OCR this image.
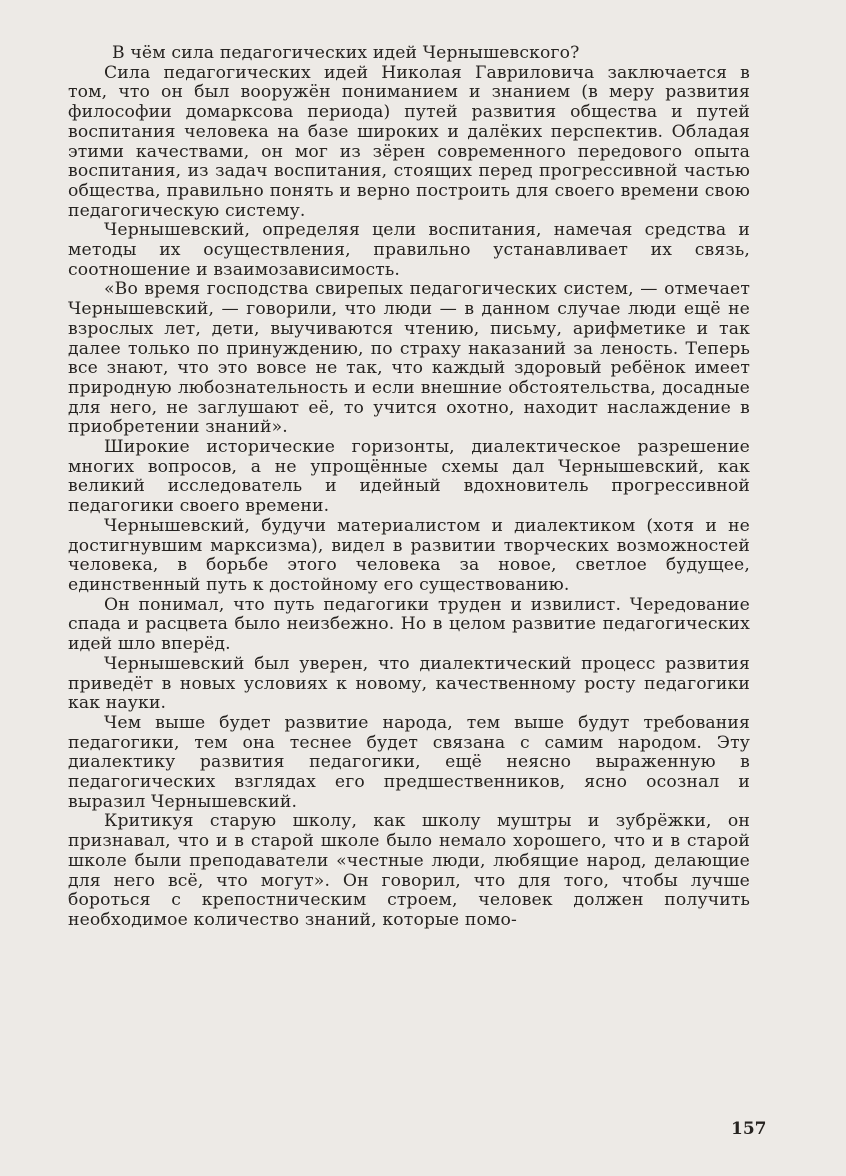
В чём сила педагогических идей Чернышевского?

Сила педагогических идей Николая Гавриловича заключается в том, что он был вооружён пониманием и знанием (в меру развития философии домарксова периода) путей развития общества и путей воспитания человека на базе широких и далёких перспектив. Обладая этими качествами, он мог из зёрен современного передового опыта воспитания, из задач воспитания, стоящих перед прогрессивной частью общества, правильно понять и верно построить для своего времени свою педагогическую систему.

Чернышевский, определяя цели воспитания, намечая средства и методы их осуществления, правильно устанавливает их связь, соотношение и взаимозависимость.

«Во время господства свирепых педагогических систем, — отмечает Чернышевский, — говорили, что люди — в данном случае люди ещё не взрослых лет, дети, выучиваются чтению, письму, арифметике и так далее только по принуждению, по страху наказаний за леность. Теперь все знают, что это вовсе не так, что каждый здоровый ребёнок имеет природную любознательность и если внешние обстоятельства, досадные для него, не заглушают её, то учится охотно, находит наслаждение в приобретении знаний».

Широкие исторические горизонты, диалектическое разрешение многих вопросов, а не упрощённые схемы дал Чернышевский, как великий исследователь и идейный вдохновитель прогрессивной педагогики своего времени.

Чернышевский, будучи материалистом и диалектиком (хотя и не достигнувшим марксизма), видел в развитии творческих возможностей человека, в борьбе этого человека за новое, светлое будущее, единственный путь к достойному его существованию.

Он понимал, что путь педагогики труден и извилист. Чередование спада и расцвета было неизбежно. Но в целом развитие педагогических идей шло вперёд.

Чернышевский был уверен, что диалектический процесс развития приведёт в новых условиях к новому, качественному росту педагогики как науки.

Чем выше будет развитие народа, тем выше будут требования педагогики, тем она теснее будет связана с самим народом. Эту диалектику развития педагогики, ещё неясно выраженную в педагогических взглядах его предшественников, ясно осознал и выразил Чернышевский.

Критикуя старую школу, как школу муштры и зубрёжки, он признавал, что и в старой школе было немало хорошего, что и в старой школе были преподаватели «честные люди, любящие народ, делающие для него всё, что могут». Он говорил, что для того, чтобы лучше бороться с крепостническим строем, человек должен получить необходимое количество знаний, которые помо-

157
